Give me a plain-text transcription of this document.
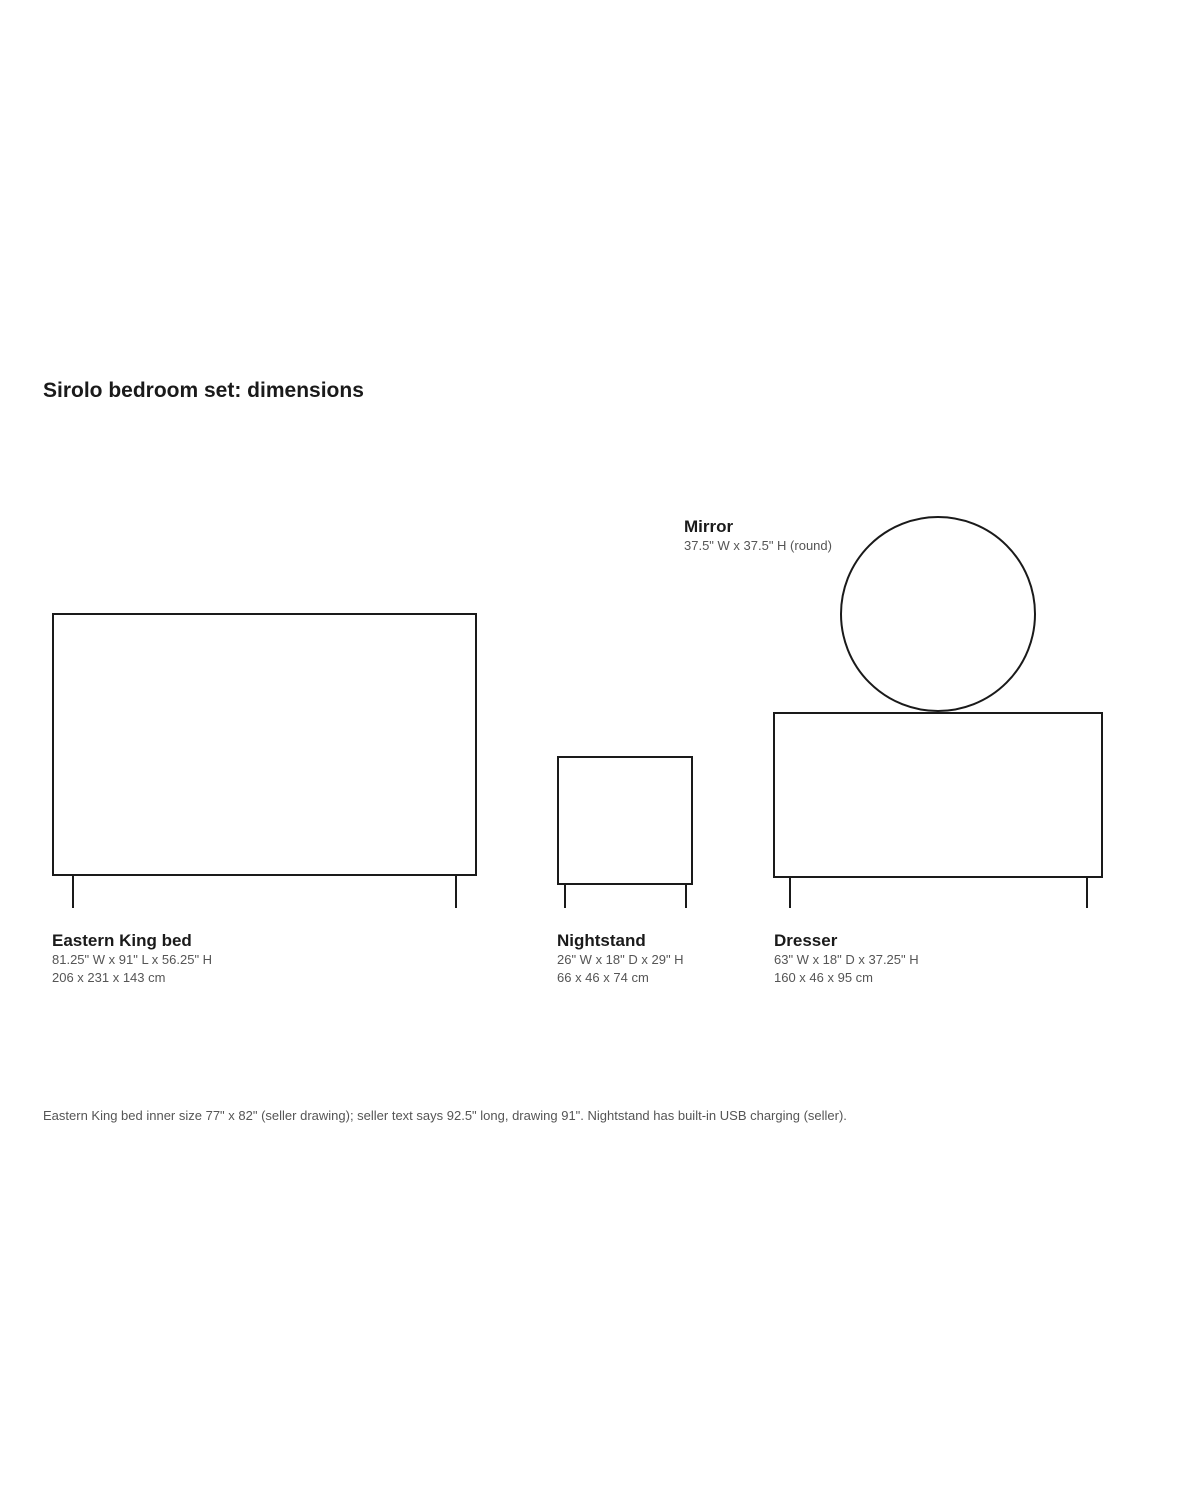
Sirolo bedroom set: dimensions
Mirror
37.5" W x 37.5" H (round)
Eastern King bed
81.25" W x 91" L x 56.25" H
206 x 231 x 143 cm
Nightstand
26" W x 18" D x 29" H
66 x 46 x 74 cm
Dresser
63" W x 18" D x 37.25" H
160 x 46 x 95 cm
Eastern King bed inner size 77" x 82" (seller drawing); seller text says 92.5" long, drawing 91". Nightstand has built-in USB charging (seller).
